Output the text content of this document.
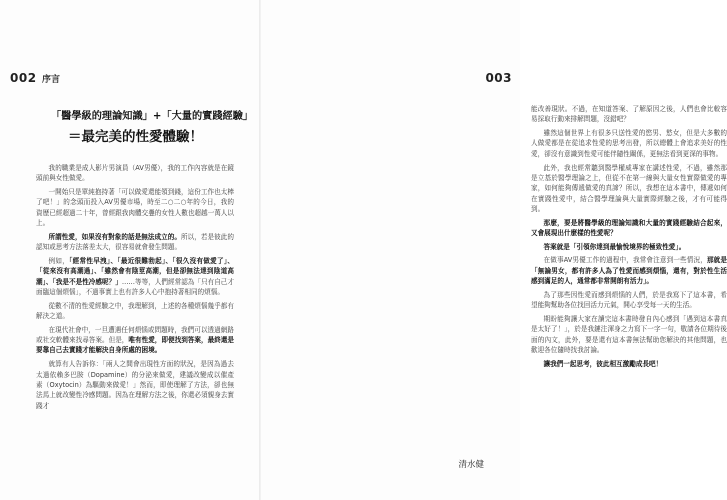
002 序言
「醫學級的理論知識」+「大量的實踐經驗」
＝最完美的性愛體驗！

我的職業是成人影片男演員（AV男優），我的工作內容就是在鏡頭前與女性做愛。

一開始只是單純抱持著「可以做愛還能領到錢，這份工作也太棒了吧！」的念頭而投入AV男優市場，時至二○二○年的今日，我的資歷已經超過二十年，曾經跟我肉體交疊的女性人數也超越一萬人以上。

所謂性愛，如果沒有對象的話是無法成立的。所以，若是彼此的認知或思考方法落差太大，很容易就會發生問題。

例如，「經常性早洩」、「最近很難勃起」、「很久沒有做愛了」、「從來沒有高潮過」、「雖然會有陰莖高潮，但是卻無法達到陰道高潮」、「我是不是性冷感呢？」……等等，人們經常認為「只有自己才面臨這個煩惱」，不過事實上也有許多人心中抱持著相同的煩惱。

從數不清的性愛經驗之中，我理解到，上述的各種煩惱幾乎都有解決之道。

在現代社會中，一旦遭遇任何煩惱或問題時，我們可以透過網路或社交軟體來找尋答案。但是，唯有性愛，即便找到答案，最終還是要靠自己去實踐才能解決自身所處的困境。

就算有人告訴你：「兩人之間會出現性方面的狀況，是因為過去太過依賴多巴胺（Dopamine）的分泌來做愛，建議改變成以催產素（Oxytocin）為驅動來做愛！」然而，即使理解了方法，卻也無法馬上就改變性冷感問題。因為在理解方法之後，你還必須親身去實踐才

003

能改善現狀。不過，在知道答案、了解原因之後，人們也會比較容易採取行動來排解問題，沒錯吧？

雖然這個世界上有很多只送性愛的慾男、慾女，但是大多數的人做愛都是在從追求性愛的思考出發，所以總體上會追求美好的性愛，卻沒有意識到性愛可能伴隨性關係，更無法看到更深的事物。

此外，我也經常聽到醫學權威專家在講述性愛，不過，雖然那是立基於醫學理論之上，但從不在第一線與大量女性實際做愛的專家，如何能夠傳遞做愛的真諦？所以，我想在這本書中，傳遞如何在實踐性愛中，結合醫學理論與大量實際經驗之後，才有可能得到。

那麼，要是將醫學級的理論知識和大量的實踐經驗結合起來，又會展現出什麼樣的性愛呢？

答案就是「引領你達到最愉悅境界的極致性愛」。

在做事AV男優工作的過程中，我常會注意到一些情況，那就是「無論男女，都有許多人為了性愛而感到煩惱，還有，對於性生活感到滿足的人，通常都非常開朗有活力」。

為了那些因性愛而感到煩惱的人們，於是我寫下了這本書，希望能夠幫助各位找回活力元氣，開心享受每一天的生活。

期盼能夠讓大家在讀完這本書時發自內心感到「遇到這本書真是太好了！」，於是我鏈注渾身之力寫下一字一句，敬請各位期待後面的內文，此外，要是還有這本書無法幫助您解決的其他問題，也歡迎各位隨時找我討論。

讓我們一起思考，彼此相互激勵成長吧！

清水健
